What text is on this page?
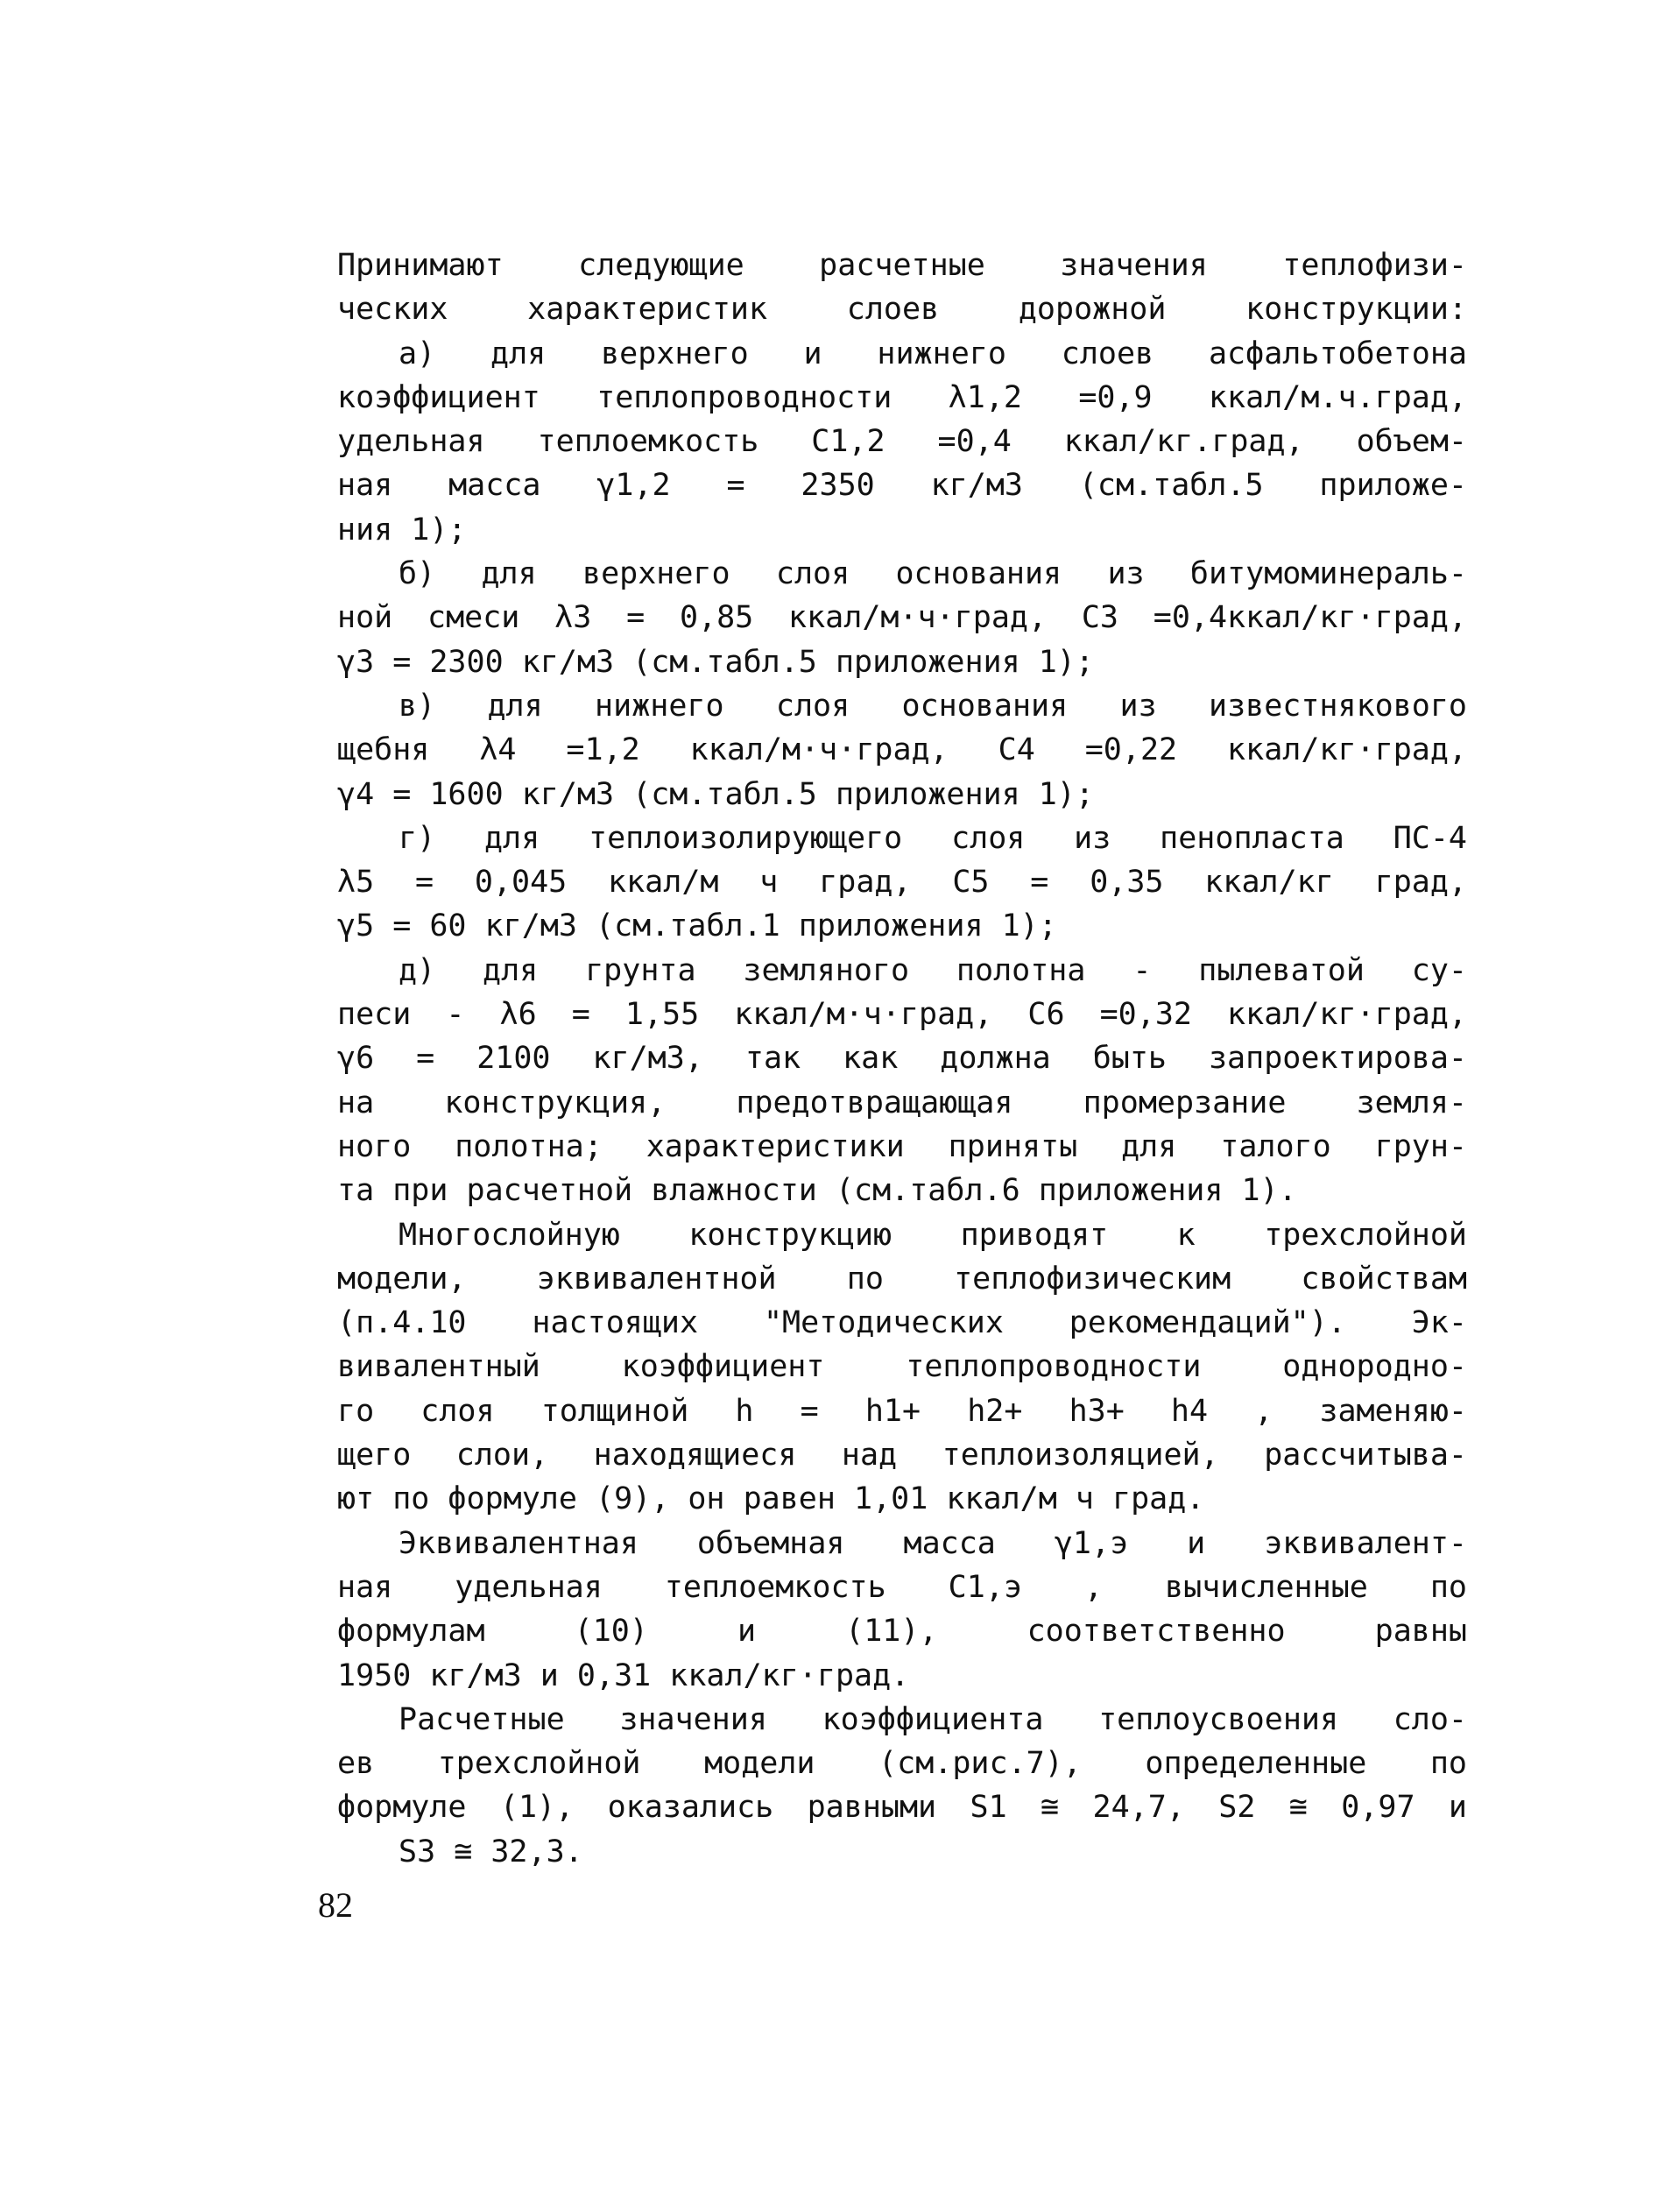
Принимают следующие расчетные значения теплофизи-
ческих характеристик слоев дорожной конструкции:
а) для верхнего и нижнего слоев асфальтобетона
коэффициент теплопроводности λ1,2 =0,9 ккал/м.ч.град,
удельная теплоемкость C1,2 =0,4 ккал/кг.град, объем-
ная масса γ1,2 = 2350 кг/м3 (см.табл.5 приложе-
ния 1);
б) для верхнего слоя основания из битумоминераль-
ной смеси λ3 = 0,85 ккал/м·ч·град, C3 =0,4ккал/кг·град,
γ3 = 2300 кг/м3 (см.табл.5 приложения 1);
в) для нижнего слоя основания из известнякового
щебня λ4 =1,2 ккал/м·ч·град, C4 =0,22 ккал/кг·град,
γ4 = 1600 кг/м3 (см.табл.5 приложения 1);
г) для теплоизолирующего слоя из пенопласта ПС-4
λ5 = 0,045 ккал/м ч град, C5 = 0,35 ккал/кг град,
γ5 = 60 кг/м3 (см.табл.1 приложения 1);
д) для грунта земляного полотна - пылеватой су-
песи - λ6 = 1,55 ккал/м·ч·град, C6 =0,32 ккал/кг·град,
γ6 = 2100 кг/м3, так как должна быть запроектирова-
на конструкция, предотвращающая промерзание земля-
ного полотна; характеристики приняты для талого грун-
та при расчетной влажности (см.табл.6 приложения 1).
Многослойную конструкцию приводят к трехслойной
модели, эквивалентной по теплофизическим свойствам
(п.4.10 настоящих "Методических рекомендаций"). Эк-
вивалентный коэффициент теплопроводности однородно-
го слоя толщиной h = h1+ h2+ h3+ h4 , заменяю-
щего слои, находящиеся над теплоизоляцией, рассчитыва-
ют по формуле (9), он равен 1,01 ккал/м ч град.
Эквивалентная объемная масса γ1,э и эквивалент-
ная удельная теплоемкость C1,э , вычисленные по
формулам (10) и (11), соответственно равны
1950 кг/м3 и 0,31 ккал/кг·град.
Расчетные значения коэффициента теплоусвоения сло-
ев трехслойной модели (см.рис.7), определенные по
формуле (1), оказались равными S1 ≅ 24,7, S2 ≅ 0,97 и
S3 ≅ 32,3.
82
